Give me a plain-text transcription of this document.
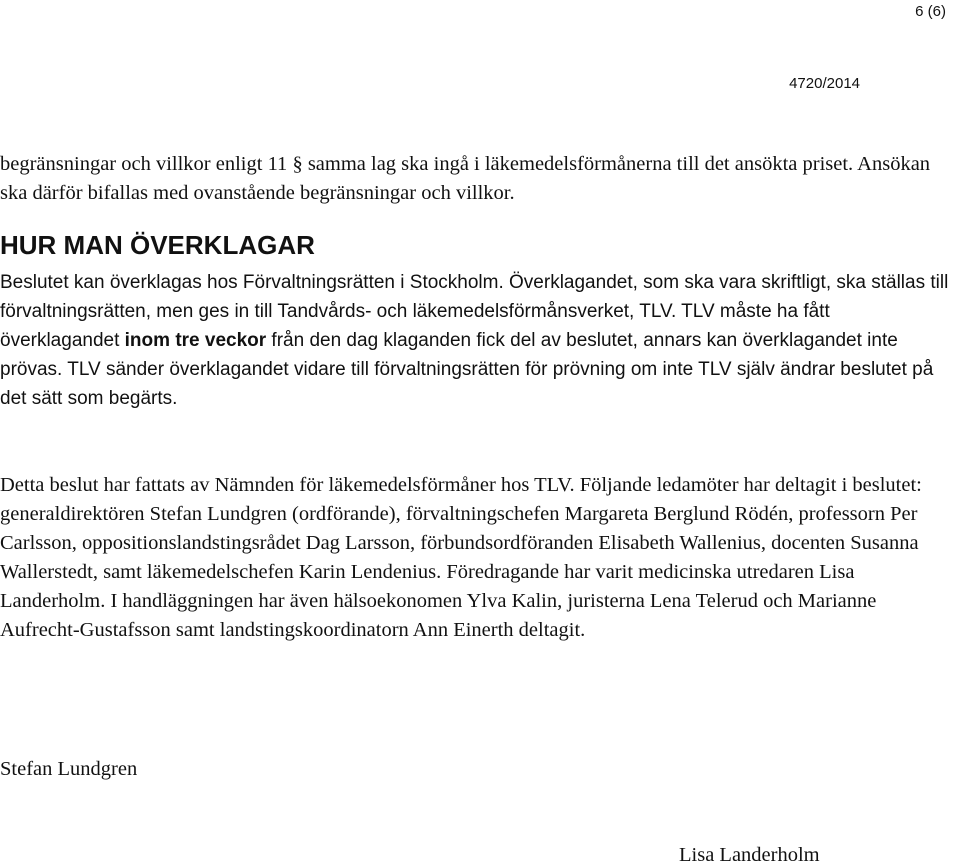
6 (6)
4720/2014

begränsningar och villkor enligt 11 § samma lag ska ingå i läkemedelsförmånerna till det ansökta priset. Ansökan ska därför bifallas med ovanstående begränsningar och villkor.

HUR MAN ÖVERKLAGAR

Beslutet kan överklagas hos Förvaltningsrätten i Stockholm. Överklagandet, som ska vara skriftligt, ska ställas till förvaltningsrätten, men ges in till Tandvårds- och läkemedelsförmånsverket, TLV. TLV måste ha fått överklagandet inom tre veckor från den dag klaganden fick del av beslutet, annars kan överklagandet inte prövas. TLV sänder överklagandet vidare till förvaltningsrätten för prövning om inte TLV själv ändrar beslutet på det sätt som begärts.

Detta beslut har fattats av Nämnden för läkemedelsförmåner hos TLV. Följande ledamöter har deltagit i beslutet: generaldirektören Stefan Lundgren (ordförande), förvaltningschefen Margareta Berglund Rödén, professorn Per Carlsson, oppositionslandstingsrådet Dag Larsson, förbundsordföranden Elisabeth Wallenius, docenten Susanna Wallerstedt, samt läkemedelschefen Karin Lendenius. Föredragande har varit medicinska utredaren Lisa Landerholm. I handläggningen har även hälsoekonomen Ylva Kalin, juristerna Lena Telerud och Marianne Aufrecht-Gustafsson samt landstingskoordinatorn Ann Einerth deltagit.

Stefan Lundgren
Lisa Landerholm
